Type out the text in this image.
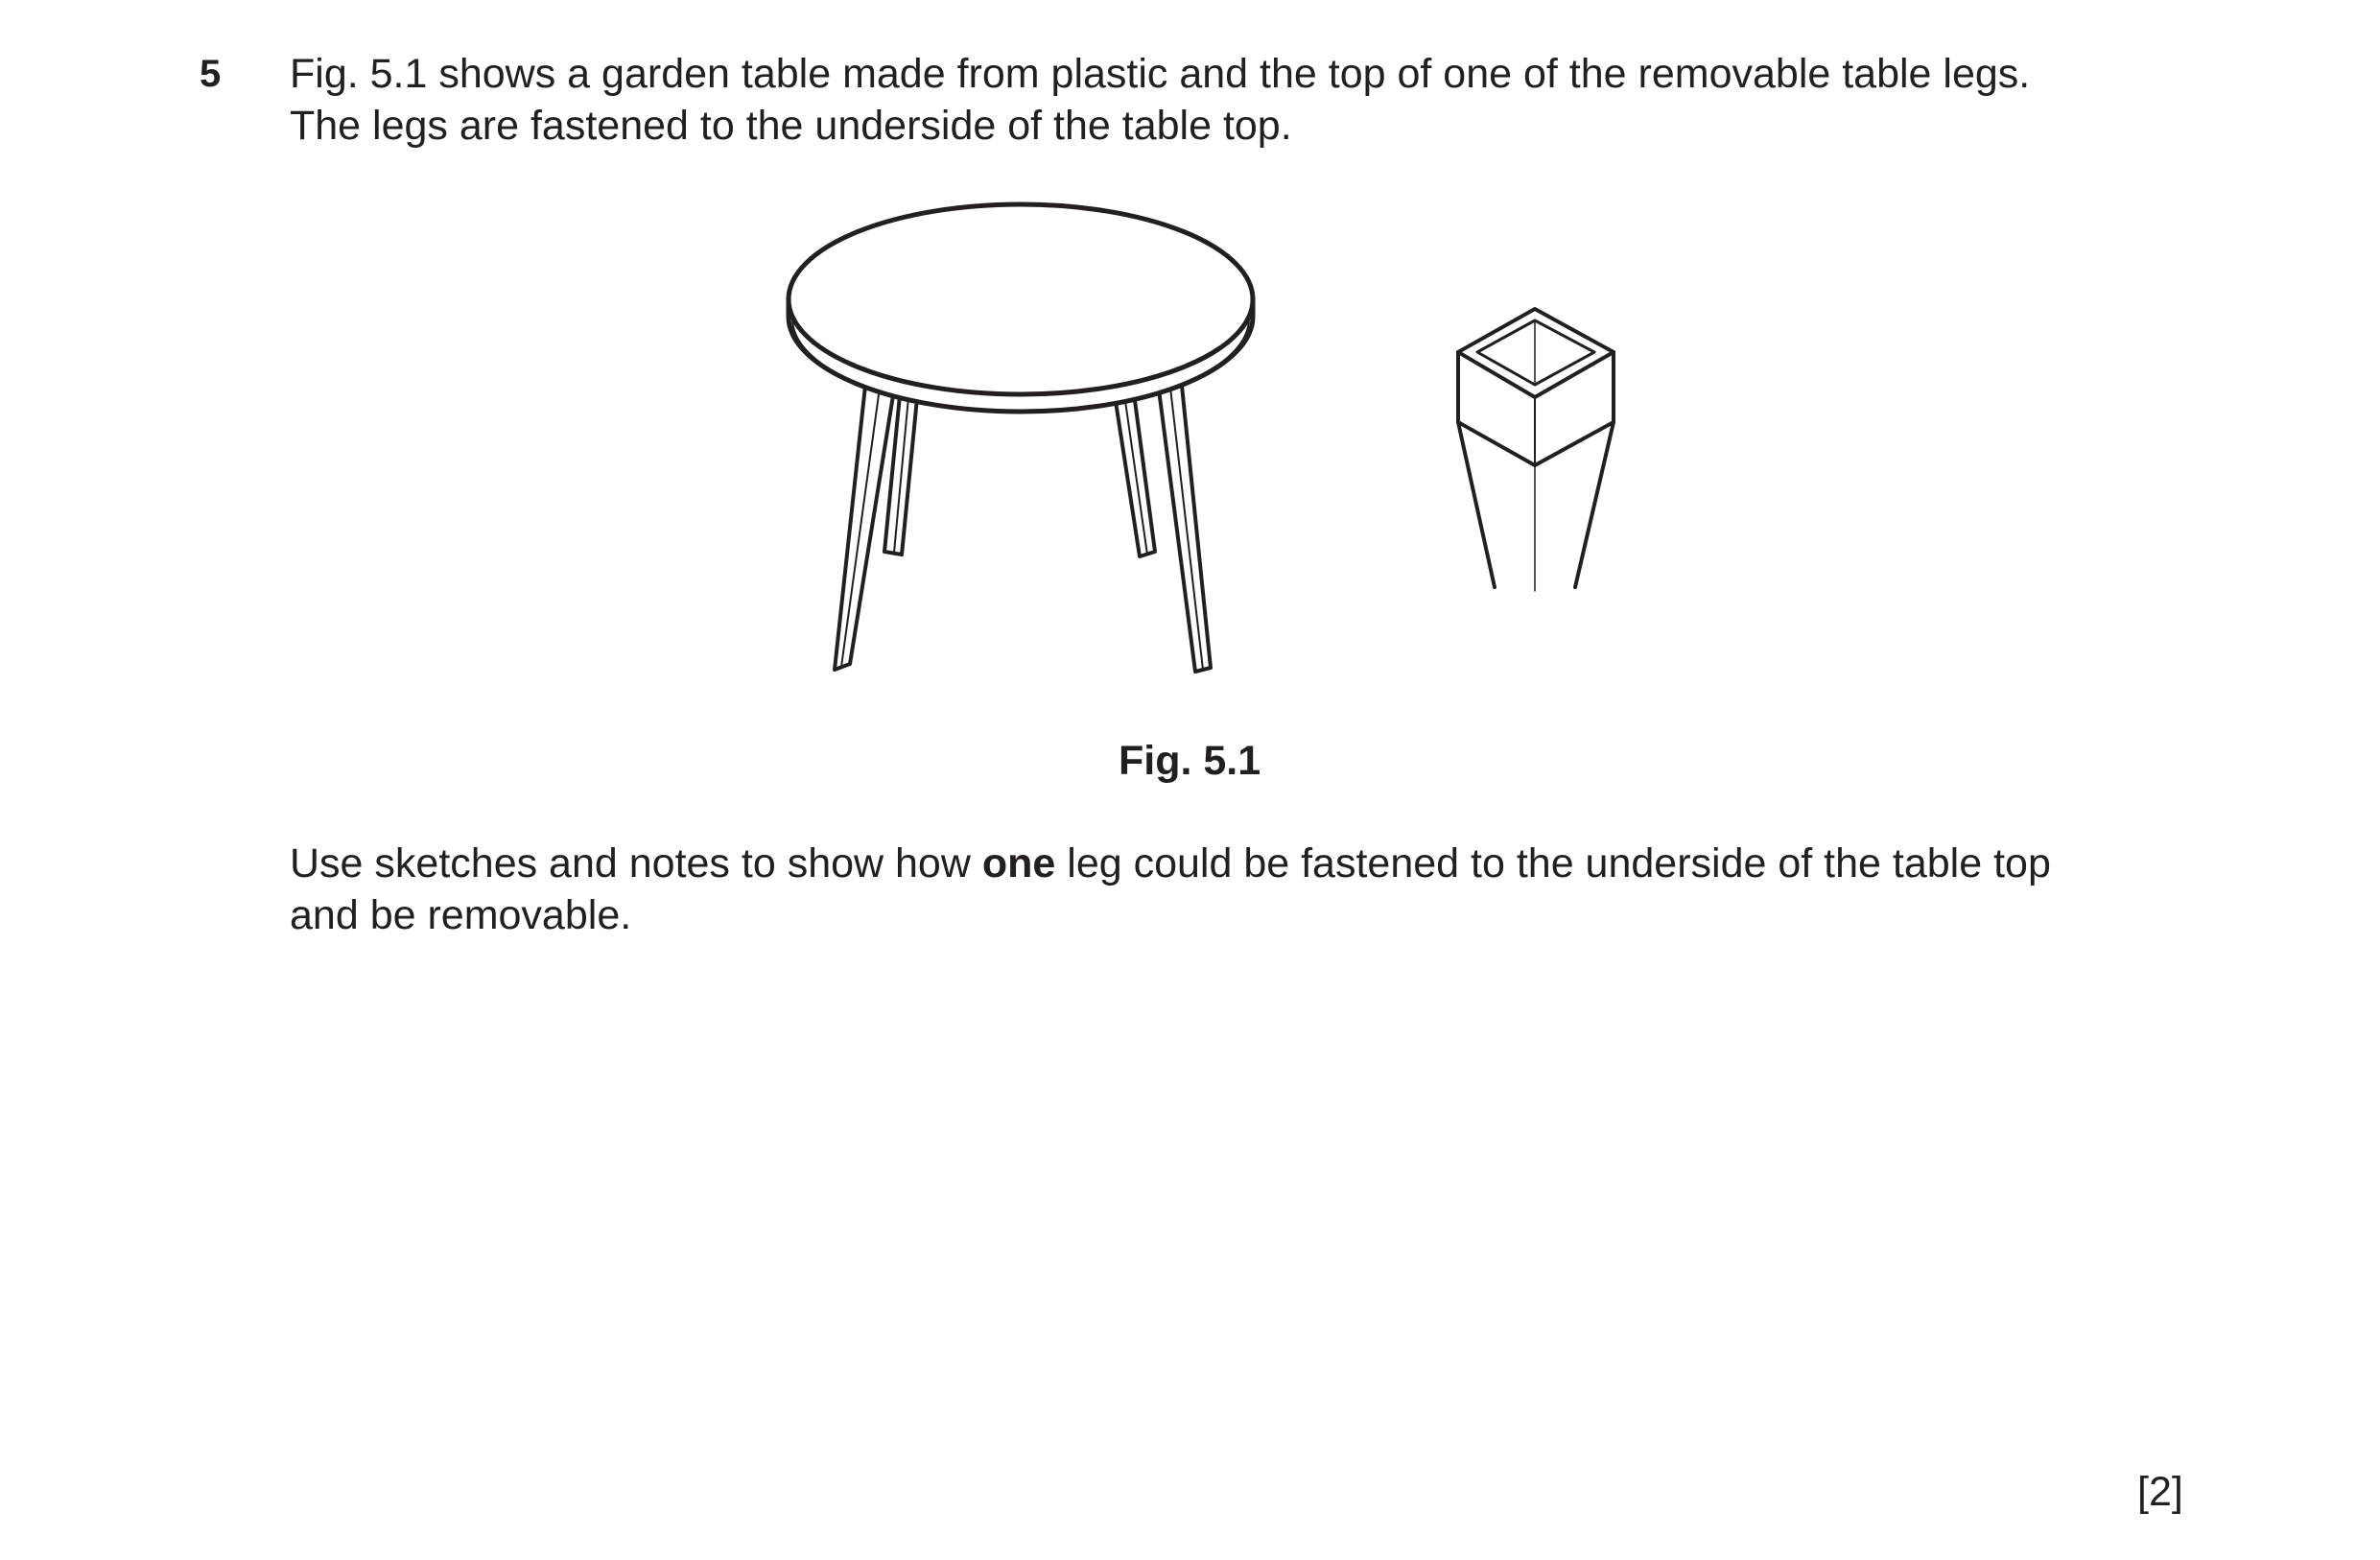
5 Fig. 5.1 shows a garden table made from plastic and the top of one of the removable table legs.
The legs are fastened to the underside of the table top.

Fig. 5.1

Use sketches and notes to show how one leg could be fastened to the underside of the table top
and be removable.

[2]
